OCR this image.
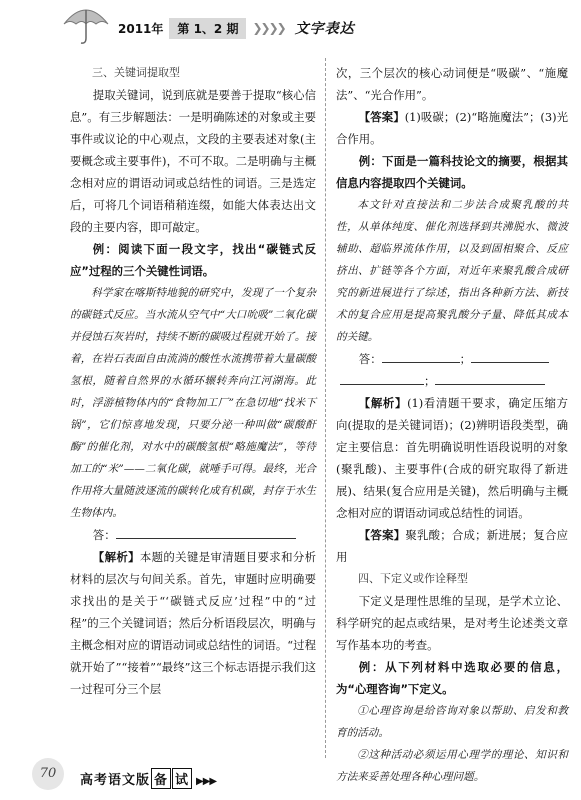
2011年	第 1、2 期	❯❯❯❯ 文字表达

三、关键词提取型

提取关键词，说到底就是要善于提取“核心信息”。有三步解题法：一是明确陈述的对象或主要事件或议论的中心观点，文段的主要表述对象(主要概念或主要事件)，不可不取。二是明确与主概念相对应的谓语动词或总结性的词语。三是选定后，可将几个词语稍稍连缀，如能大体表达出文段的主要内容，即可敲定。

例：阅读下面一段文字，找出“碳链式反应”过程的三个关键性词语。

科学家在喀斯特地貌的研究中，发现了一个复杂的碳链式反应。当水流从空气中“大口吮吸”二氧化碳并侵蚀石灰岩时，持续不断的碳吸过程就开始了。接着，在岩石表面自由流淌的酸性水流携带着大量碳酸氢根，随着自然界的水循环辗转奔向江河湖海。此时，浮游植物体内的“食物加工厂”在急切地“找米下锅”，它们惊喜地发现，只要分泌一种叫做“碳酸酐酶”的催化剂，对水中的碳酸氢根“略施魔法”，等待加工的“米”——二氧化碳，就唾手可得。最终，光合作用将大量随波逐流的碳转化成有机碳，封存于水生生物体内。

答：

【解析】本题的关键是审清题目要求和分析材料的层次与句间关系。首先，审题时应明确要求找出的是关于“‘碳链式反应’过程”中的“过程”的三个关键词语；然后分析语段层次，明确与主概念相对应的谓语动词或总结性的词语。“过程就开始了”“接着”“最终”这三个标志语提示我们这一过程可分三个层

次，三个层次的核心动词便是“吸碳”、“施魔法”、“光合作用”。

【答案】(1)吸碳；(2)“略施魔法”；(3)光合作用。

例：下面是一篇科技论文的摘要，根据其信息内容提取四个关键词。

本文针对直接法和二步法合成聚乳酸的共性，从单体纯度、催化剂选择到共沸脱水、微波辅助、超临界流体作用，以及到固相聚合、反应挤出、扩链等各个方面，对近年来聚乳酸合成研究的新进展进行了综述，指出各种新方法、新技术的复合应用是提高聚乳酸分子量、降低其成本的关键。

答：	；

；

【解析】(1)看清题干要求，确定压缩方向(提取的是关键词语)；(2)辨明语段类型，确定主要信息：首先明确说明性语段说明的对象(聚乳酸)、主要事件(合成的研究取得了新进展)、结果(复合应用是关键)，然后明确与主概念相对应的谓语动词或总结性的词语。

【答案】聚乳酸；合成；新进展；复合应用

四、下定义或作诠释型

下定义是理性思维的呈现，是学术立论、科学研究的起点或结果，是对考生论述类文章写作基本功的考查。

例：从下列材料中选取必要的信息，为“心理咨询”下定义。

①心理咨询是给咨询对象以帮助、启发和教育的活动。

②这种活动必须运用心理学的理论、知识和方法来妥善处理各种心理问题。

70	高考语文版 备 试 ▶▶▶
